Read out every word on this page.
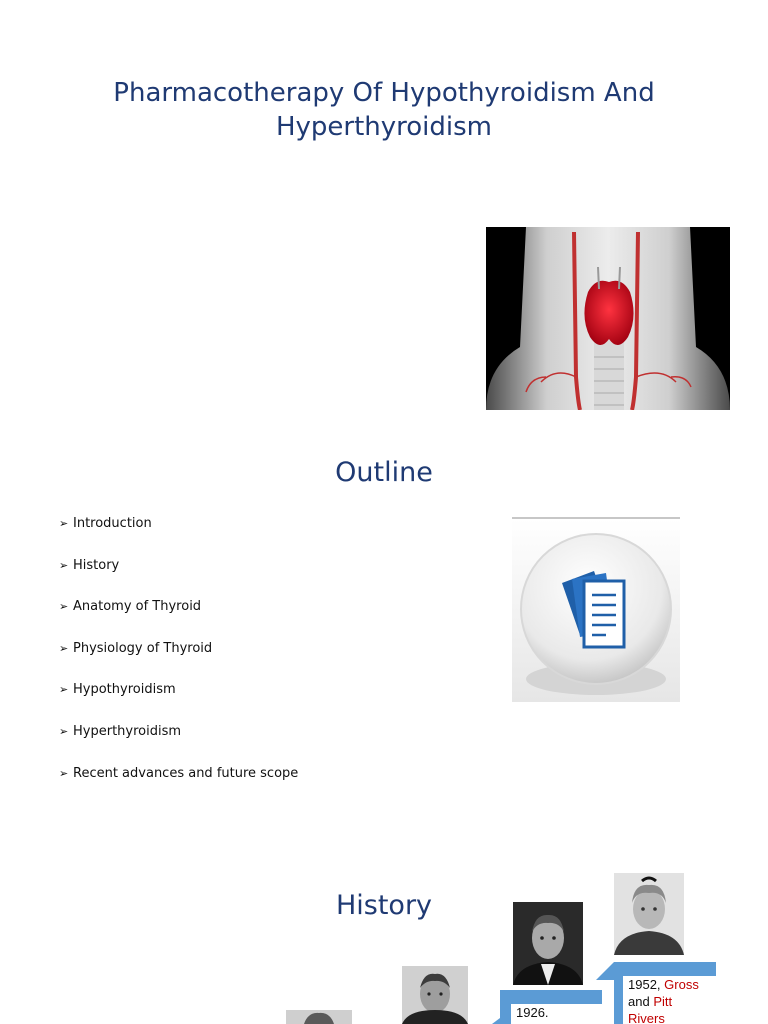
Pharmacotherapy Of Hypothyroidism And
Hyperthyroidism
Outline
➢ Introduction
➢ History
➢ Anatomy of Thyroid
➢ Physiology of Thyroid
➢ Hypothyroidism
➢ Hyperthyroidism
➢ Recent advances and future scope
History
1952, Gross
and Pitt
Rivers
1926.
